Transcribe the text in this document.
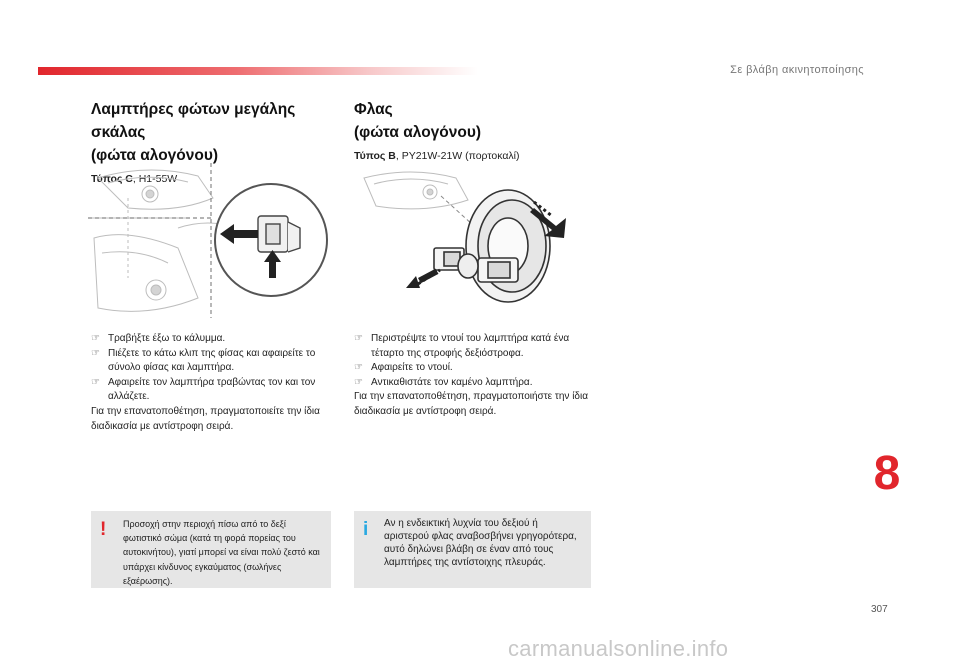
Σε βλάβη ακινητοποίησης
Λαμπτήρες φώτων μεγάλης σκάλας
(φώτα αλογόνου)
Τύπος C, H1-55W
☞ Τραβήξτε έξω το κάλυμμα.
☞ Πιέζετε το κάτω κλιπ της φίσας και αφαιρείτε το σύνολο φίσας και λαμπτήρα.
☞ Αφαιρείτε τον λαμπτήρα τραβώντας τον και τον αλλάζετε.
Για την επανατοποθέτηση, πραγματοποιείτε την ίδια διαδικασία με αντίστροφη σειρά.
Φλας
(φώτα αλογόνου)
Τύπος B, PY21W-21W (πορτοκαλί)
☞ Περιστρέψτε το ντουί του λαμπτήρα κατά ένα τέταρτο της στροφής δεξιόστροφα.
☞ Αφαιρείτε το ντουί.
☞ Αντικαθιστάτε τον καμένο λαμπτήρα.
Για την επανατοποθέτηση, πραγματοποιήστε την ίδια διαδικασία με αντίστροφη σειρά.
! Προσοχή στην περιοχή πίσω από το δεξί φωτιστικό σώμα (κατά τη φορά πορείας του αυτοκινήτου), γιατί μπορεί να είναι πολύ ζεστό και υπάρχει κίνδυνος εγκαύματος (σωλήνες εξαέρωσης).
i Αν η ενδεικτική λυχνία του δεξιού ή αριστερού φλας αναβοσβήνει γρηγορότερα, αυτό δηλώνει βλάβη σε έναν από τους λαμπτήρες της αντίστοιχης πλευράς.
8
307
carmanualsonline.info
